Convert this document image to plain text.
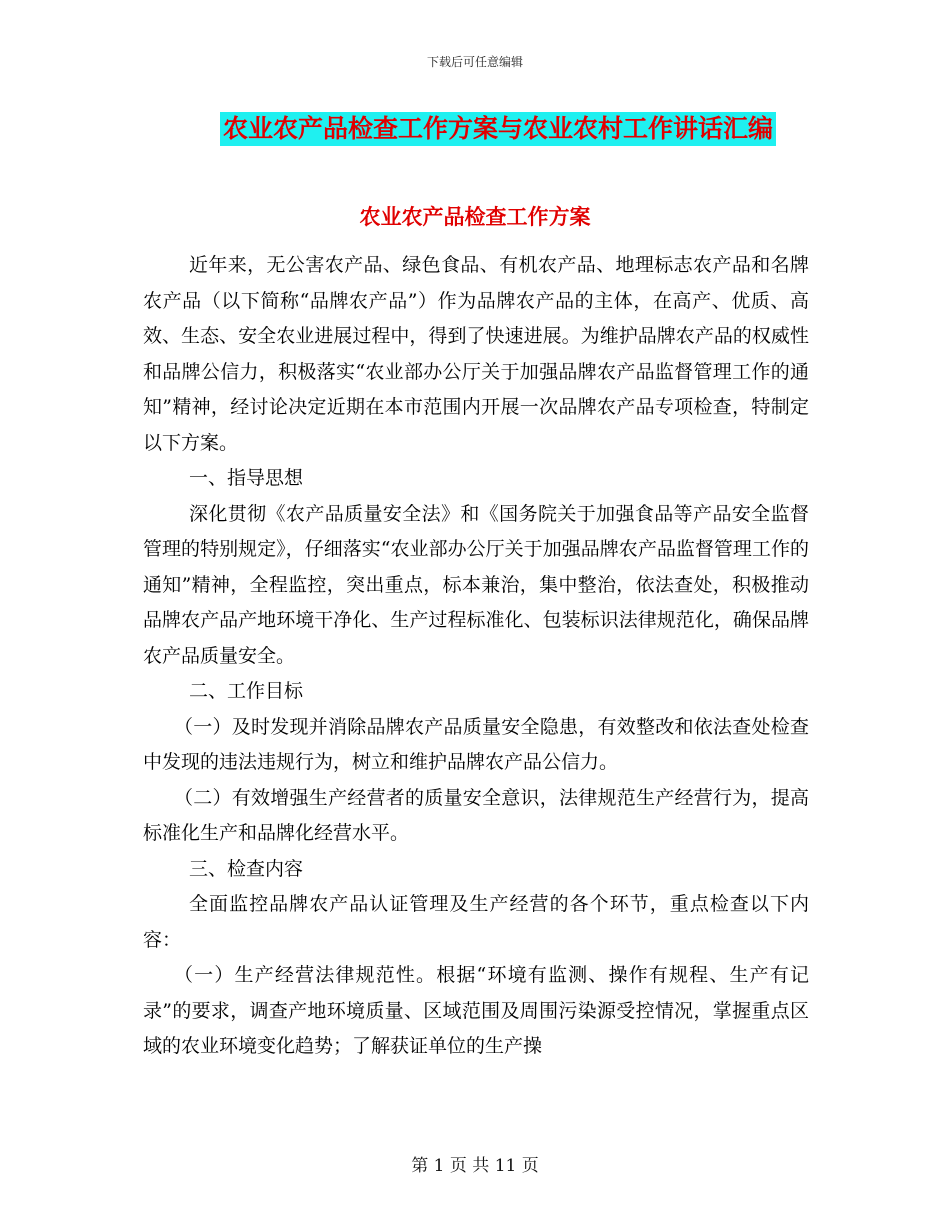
下载后可任意编辑
农业农产品检查工作方案与农业农村工作讲话汇编
农业农产品检查工作方案

近年来，无公害农产品、绿色食品、有机农产品、地理标志农产品和名牌农产品（以下简称“品牌农产品”）作为品牌农产品的主体，在高产、优质、高效、生态、安全农业进展过程中，得到了快速进展。为维护品牌农产品的权威性和品牌公信力，积极落实“农业部办公厅关于加强品牌农产品监督管理工作的通知”精神，经讨论决定近期在本市范围内开展一次品牌农产品专项检查，特制定以下方案。

一、指导思想

深化贯彻《农产品质量安全法》和《国务院关于加强食品等产品安全监督管理的特别规定》，仔细落实“农业部办公厅关于加强品牌农产品监督管理工作的通知”精神，全程监控，突出重点，标本兼治，集中整治，依法查处，积极推动品牌农产品产地环境干净化、生产过程标准化、包装标识法律规范化，确保品牌农产品质量安全。

二、工作目标

（一）及时发现并消除品牌农产品质量安全隐患，有效整改和依法查处检查中发现的违法违规行为，树立和维护品牌农产品公信力。

（二）有效增强生产经营者的质量安全意识，法律规范生产经营行为，提高标准化生产和品牌化经营水平。

三、检查内容

全面监控品牌农产品认证管理及生产经营的各个环节，重点检查以下内容：

（一）生产经营法律规范性。根据“环境有监测、操作有规程、生产有记录”的要求，调查产地环境质量、区域范围及周围污染源受控情况，掌握重点区域的农业环境变化趋势；了解获证单位的生产操

第 1 页 共 11 页
